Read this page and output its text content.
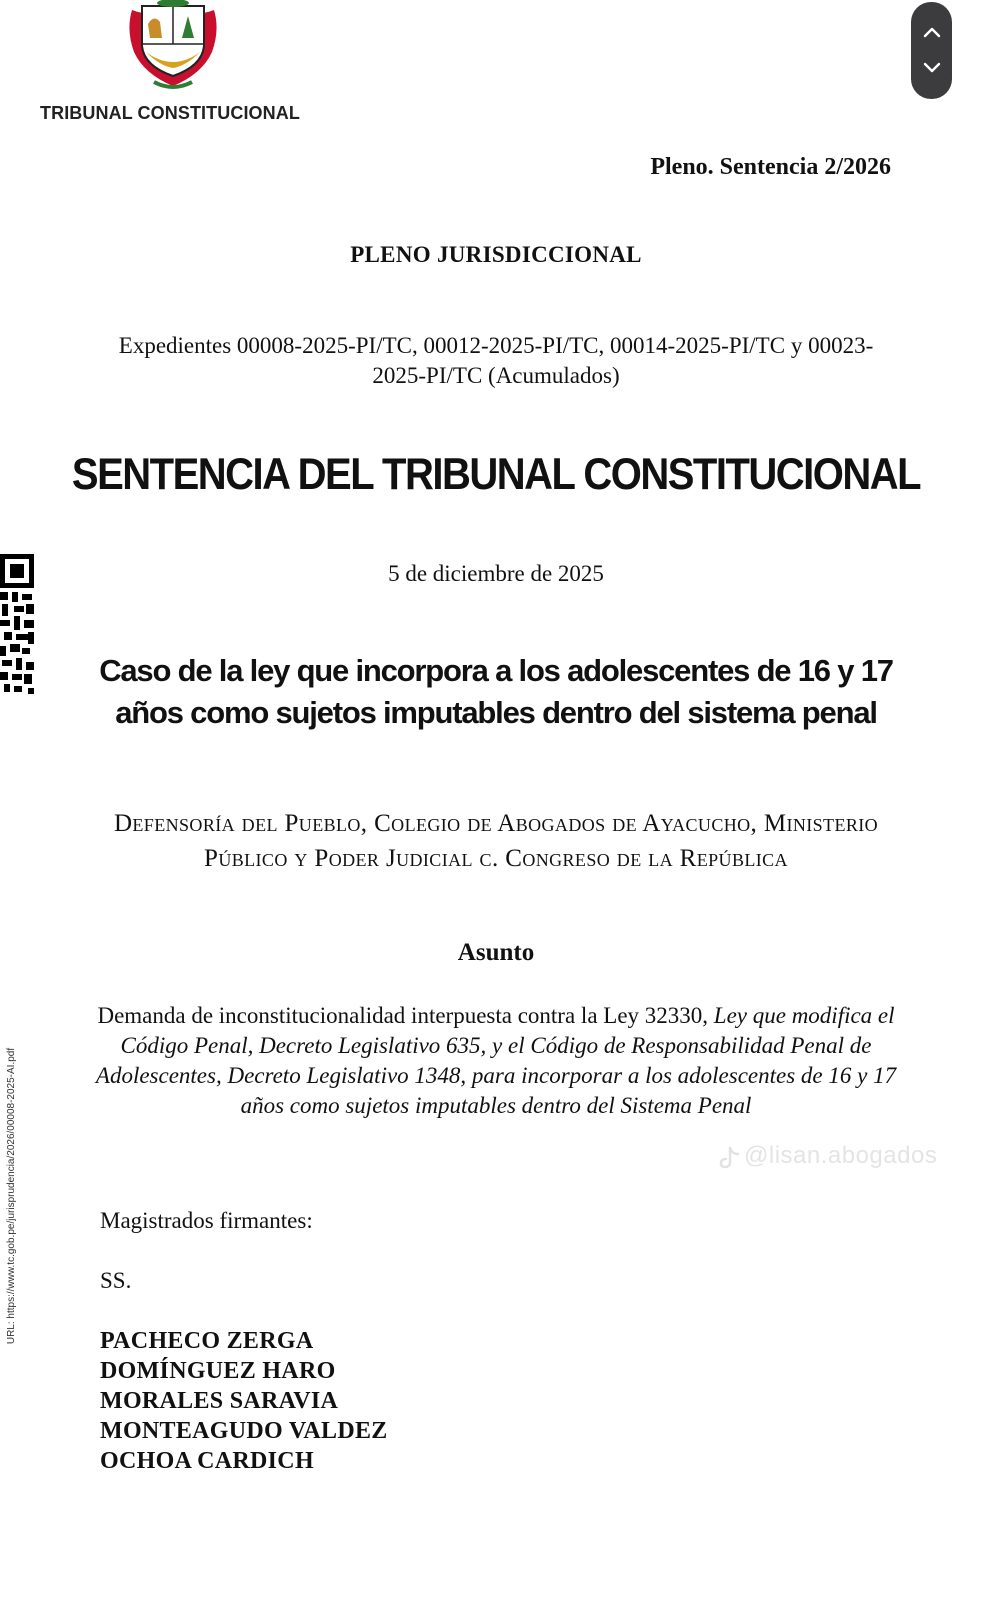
TRIBUNAL CONSTITUCIONAL
Pleno. Sentencia 2/2026
PLENO JURISDICCIONAL
Expedientes 00008-2025-PI/TC, 00012-2025-PI/TC, 00014-2025-PI/TC y 00023-2025-PI/TC (Acumulados)
SENTENCIA DEL TRIBUNAL CONSTITUCIONAL
5 de diciembre de 2025
Caso de la ley que incorpora a los adolescentes de 16 y 17 años como sujetos imputables dentro del sistema penal
Defensoría del Pueblo, Colegio de Abogados de Ayacucho, Ministerio Público y Poder Judicial c. Congreso de la República
Asunto
Demanda de inconstitucionalidad interpuesta contra la Ley 32330, Ley que modifica el Código Penal, Decreto Legislativo 635, y el Código de Responsabilidad Penal de Adolescentes, Decreto Legislativo 1348, para incorporar a los adolescentes de 16 y 17 años como sujetos imputables dentro del Sistema Penal
@lisan.abogados
Magistrados firmantes:
SS.
PACHECO ZERGA
DOMÍNGUEZ HARO
MORALES SARAVIA
MONTEAGUDO VALDEZ
OCHOA CARDICH
URL: https://www.tc.gob.pe/jurisprudencia/2026/00008-2025-AI.pdf
